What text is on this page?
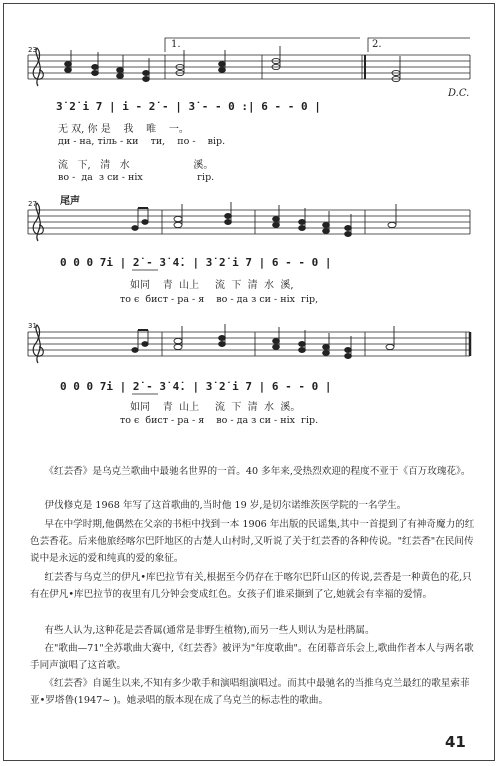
23	1.	2.
D.C.
3̇ 2̇ i 7 | i - 2̇ - | 3̇ - - 0 :| 6 - - 0 |
无 双, 你 是    我    唯    一。
ди - на, тіль - ки    ти,    по -    вір.
流   下,   清   水                    溪。
во -  да  з си - ніх                  гір.
27 尾声
0 0 0 7i | 2̇ - 3̇ 4̇. | 3̇ 2̇ i 7 | 6 - - 0 |
如同    青  山上     流  下  清  水  溪,
то є  бист - ра - я    во - да з си - ніх  гір,
31
0 0 0 7i | 2̇ - 3̇ 4̇. | 3̇ 2̇ i 7 | 6 - - 0 |
如同    青  山上     流  下  清  水  溪。
то є  бист - ра - я    во - да з си - ніх  гір.
《红芸香》是乌克兰歌曲中最驰名世界的一首。40 多年来,受热烈欢迎的程度不亚于《百万玫瑰花》。
伊伐修克是 1968 年写了这首歌曲的,当时他 19 岁,是切尔诺维茨医学院的一名学生。
早在中学时期,他偶然在父亲的书柜中找到一本 1906 年出版的民谣集,其中一首提到了有神奇魔力的红色芸香花。后来他旅经喀尔巴阡地区的古楚人山村时,又听说了关于红芸香的各种传说。"红芸香"在民间传说中是永远的爱和纯真的爱的象征。
红芸香与乌克兰的伊凡•库巴拉节有关,根据至今仍存在于喀尔巴阡山区的传说,芸香是一种黄色的花,只有在伊凡•库巴拉节的夜里有几分钟会变成红色。女孩子们谁采撷到了它,她就会有幸福的爱情。
有些人认为,这种花是芸香属(通常是非野生植物),而另一些人则认为是杜鹃属。
在"歌曲—71"全苏歌曲大赛中,《红芸香》被评为"年度歌曲"。在闭幕音乐会上,歌曲作者本人与两名歌手同声演唱了这首歌。
《红芸香》自诞生以来,不知有多少歌手和演唱组演唱过。而其中最驰名的当推乌克兰最红的歌星索菲亚•罗塔鲁(1947~ )。她录唱的版本现在成了乌克兰的标志性的歌曲。
41
